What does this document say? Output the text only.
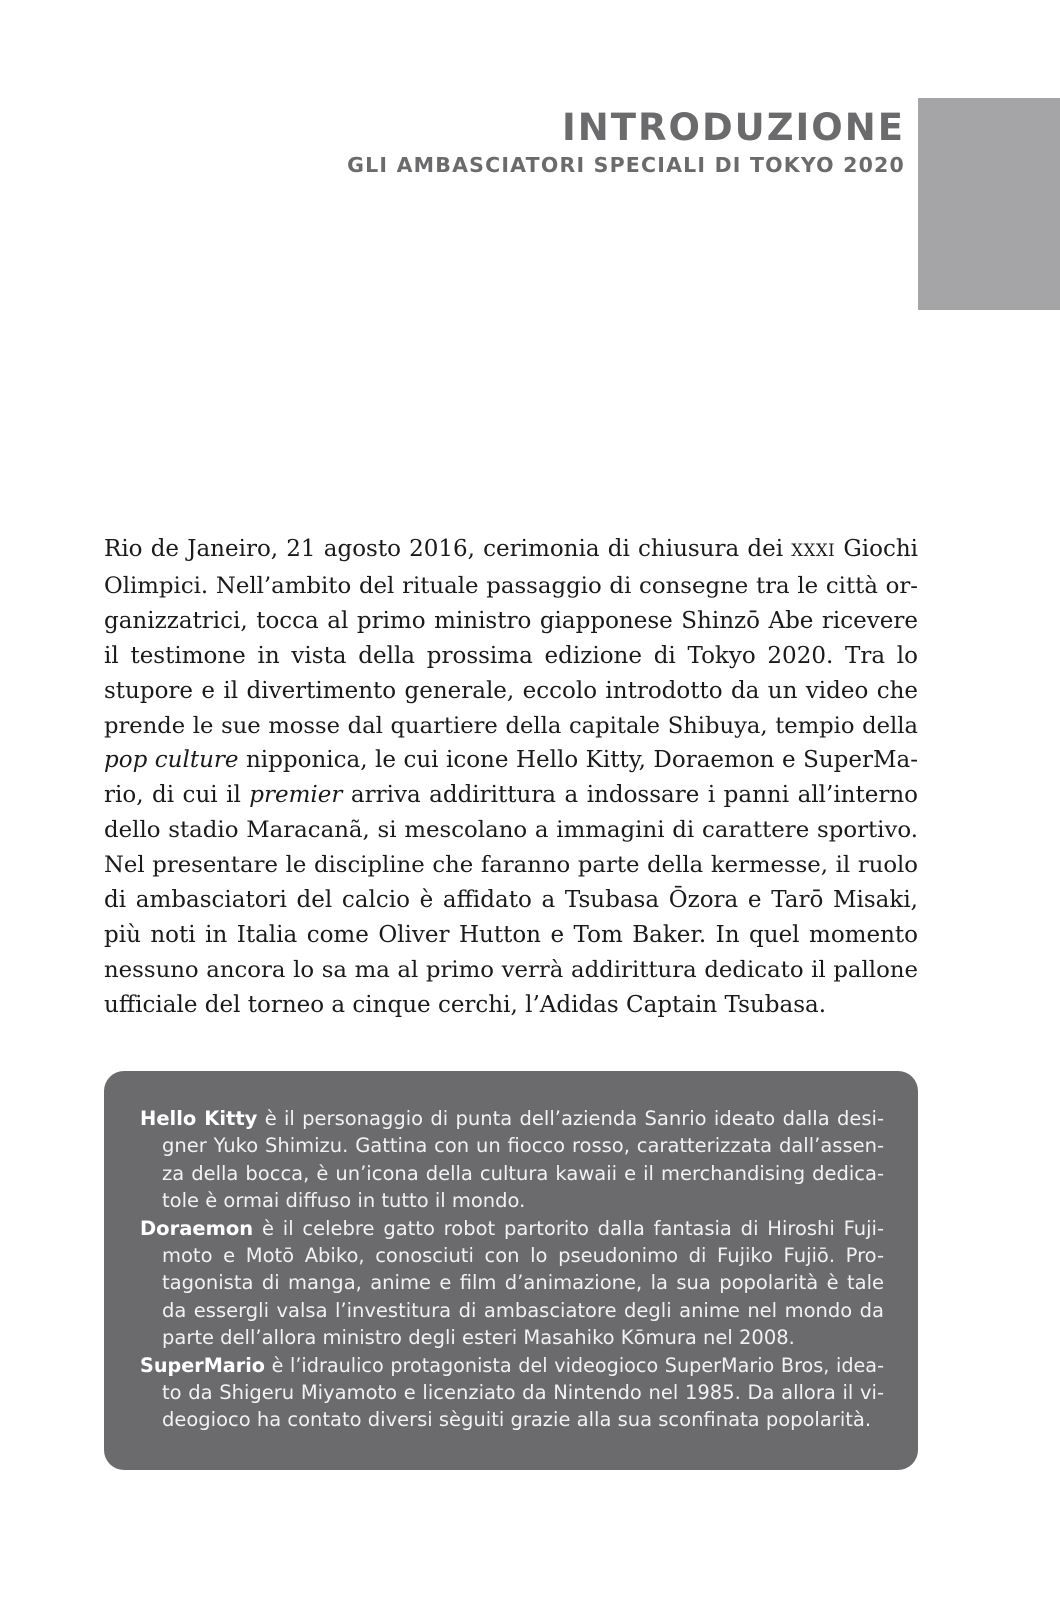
INTRODUZIONE
GLI AMBASCIATORI SPECIALI DI TOKYO 2020
Rio de Janeiro, 21 agosto 2016, cerimonia di chiusura dei XXXI Giochi
Olimpici. Nell’ambito del rituale passaggio di consegne tra le città or-
ganizzatrici, tocca al primo ministro giapponese Shinzō Abe ricevere
il testimone in vista della prossima edizione di Tokyo 2020. Tra lo
stupore e il divertimento generale, eccolo introdotto da un video che
prende le sue mosse dal quartiere della capitale Shibuya, tempio della
pop culture nipponica, le cui icone Hello Kitty, Doraemon e SuperMa-
rio, di cui il premier arriva addirittura a indossare i panni all’interno
dello stadio Maracanã, si mescolano a immagini di carattere sportivo.
Nel presentare le discipline che faranno parte della kermesse, il ruolo
di ambasciatori del calcio è affidato a Tsubasa Ōzora e Tarō Misaki,
più noti in Italia come Oliver Hutton e Tom Baker. In quel momento
nessuno ancora lo sa ma al primo verrà addirittura dedicato il pallone
ufficiale del torneo a cinque cerchi, l’Adidas Captain Tsubasa.
Hello Kitty è il personaggio di punta dell’azienda Sanrio ideato dalla desi-
gner Yuko Shimizu. Gattina con un fiocco rosso, caratterizzata dall’assen-
za della bocca, è un’icona della cultura kawaii e il merchandising dedica-
tole è ormai diffuso in tutto il mondo.
Doraemon è il celebre gatto robot partorito dalla fantasia di Hiroshi Fuji-
moto e Motō Abiko, conosciuti con lo pseudonimo di Fujiko Fujiō. Pro-
tagonista di manga, anime e film d’animazione, la sua popolarità è tale
da essergli valsa l’investitura di ambasciatore degli anime nel mondo da
parte dell’allora ministro degli esteri Masahiko Kōmura nel 2008.
SuperMario è l’idraulico protagonista del videogioco SuperMario Bros, idea-
to da Shigeru Miyamoto e licenziato da Nintendo nel 1985. Da allora il vi-
deogioco ha contato diversi sèguiti grazie alla sua sconfinata popolarità.
